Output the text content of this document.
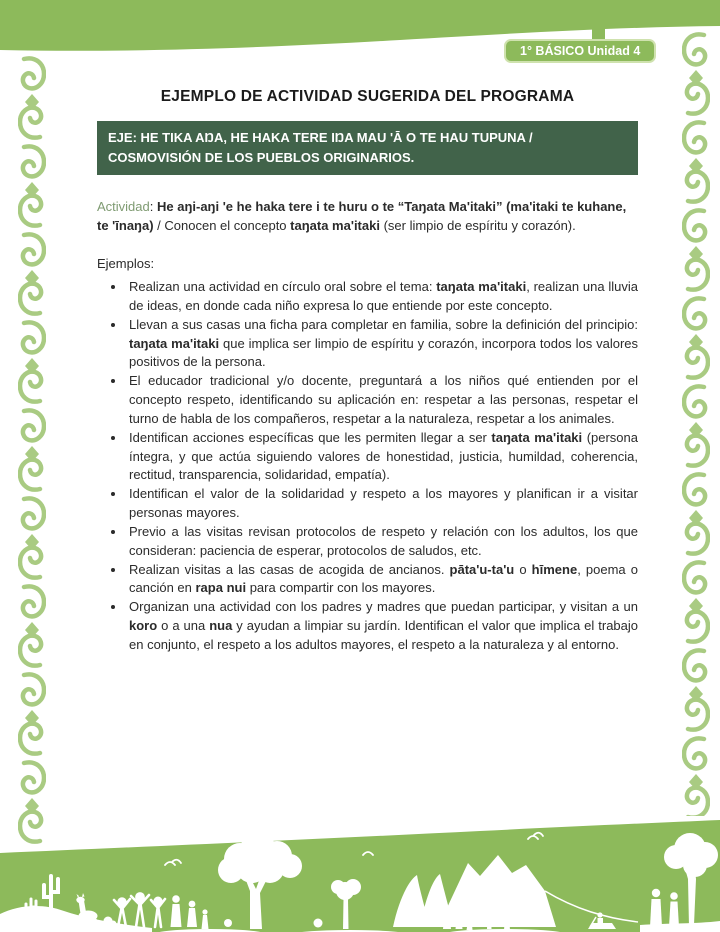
1° BÁSICO Unidad 4
EJEMPLO DE ACTIVIDAD SUGERIDA DEL PROGRAMA
EJE: HE TIKA AŊA, HE HAKA TERE IŊA MAU 'Ā O TE HAU TUPUNA / COSMOVISIÓN DE LOS PUEBLOS ORIGINARIOS.

Actividad: He aŋi-aŋi 'e he haka tere i te huru o te “Taŋata Ma'itaki” (ma'itaki te kuhane, te 'īnaŋa) / Conocen el concepto taŋata ma'itaki (ser limpio de espíritu y corazón).

Ejemplos:

• Realizan una actividad en círculo oral sobre el tema: taŋata ma'itaki, realizan una lluvia de ideas, en donde cada niño expresa lo que entiende por este concepto.
• Llevan a sus casas una ficha para completar en familia, sobre la definición del principio: taŋata ma'itaki que implica ser limpio de espíritu y corazón, incorpora todos los valores positivos de la persona.
• El educador tradicional y/o docente, preguntará a los niños qué entienden por el concepto respeto, identificando su aplicación en: respetar a las personas, respetar el turno de habla de los compañeros, respetar a la naturaleza, respetar a los animales.
• Identifican acciones específicas que les permiten llegar a ser taŋata ma'itaki (persona íntegra, y que actúa siguiendo valores de honestidad, justicia, humildad, coherencia, rectitud, transparencia, solidaridad, empatía).
• Identifican el valor de la solidaridad y respeto a los mayores y planifican ir a visitar personas mayores.
• Previo a las visitas revisan protocolos de respeto y relación con los adultos, los que consideran: paciencia de esperar, protocolos de saludos, etc.
• Realizan visitas a las casas de acogida de ancianos. pāta'u-ta'u o hīmene, poema o canción en rapa nui para compartir con los mayores.
• Organizan una actividad con los padres y madres que puedan participar, y visitan a un koro o a una nua y ayudan a limpiar su jardín. Identifican el valor que implica el trabajo en conjunto, el respeto a los adultos mayores, el respeto a la naturaleza y al entorno.
